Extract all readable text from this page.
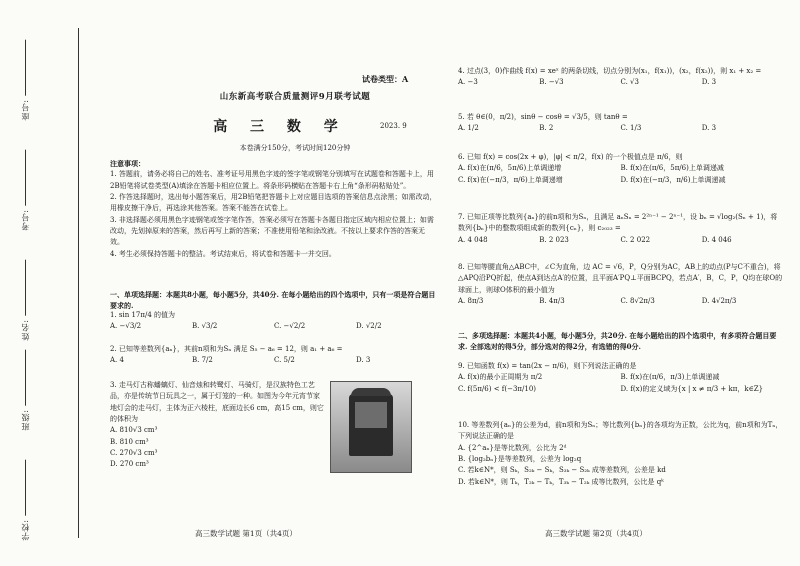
座号:
考号:
姓名:
班级:
学校:
试卷类型：A
山东新高考联合质量测评9月联考试题
高 三 数 学	2023. 9
本卷满分150分，考试时间120分钟
注意事项：
1. 答题前，请务必将自己的姓名、准考证号用黑色字迹的签字笔或钢笔分别填写在试题卷和答题卡上，用2B铅笔将试卷类型(A)填涂在答题卡相应位置上。将条形码横贴在答题卡右上角“条形码粘贴处”。
2. 作答选择题时，选出每小题答案后，用2B铅笔把答题卡上对应题目选项的答案信息点涂黑；如需改动，用橡皮擦干净后，再选涂其他答案。答案不能答在试卷上。
3. 非选择题必须用黑色字迹钢笔或签字笔作答，答案必须写在答题卡各题目指定区域内相应位置上；如需改动，先划掉原来的答案，然后再写上新的答案；不准使用铅笔和涂改液。不按以上要求作答的答案无效。
4. 考生必须保持答题卡的整洁。考试结束后，将试卷和答题卡一并交回。
一、单项选择题：本题共8小题，每小题5分，共40分. 在每小题给出的四个选项中，只有一项是符合题目要求的.
1. sin 17π/4 的值为
A. −√3/2	B. √3/2	C. −√2/2	D. √2/2
2. 已知等差数列{aₙ}，其前n项和为Sₙ 满足 S₅ − a₆ = 12，则 a₁ + a₆ =
A. 4	B. 7/2	C. 5/2	D. 3
3. 走马灯古称蟠螭灯、仙音烛和转鹭灯、马骑灯，是汉族特色工艺品，亦是传统节日玩具之一，属于灯笼的一种。如图为今年元宵节家地灯会的走马灯，主体为正六棱柱，底面边长6 cm，高15 cm，则它的体积为
A. 810√3 cm³
B. 810 cm³
C. 270√3 cm³
D. 270 cm³
高三数学试题 第1页（共4页）
4. 过点(3，0)作曲线 f(x) = xeˣ 的两条切线，切点分别为(x₁，f(x₁))，(x₂，f(x₂))，则 x₁ + x₂ =
A. −3	B. −√3	C. √3	D. 3
5. 若 θ∈(0，π/2)，sinθ − cosθ = √3/5，则 tanθ =
A. 1/2	B. 2	C. 1/3	D. 3
6. 已知 f(x) = cos(2x + φ)，|φ| < π/2，f(x) 的一个极值点是 π/6，则
A. f(x)在(π/6，5π/6)上单调递增	B. f(x)在(π/6，5π/6)上单调递减
C. f(x)在(−π/3，π/6)上单调递增	D. f(x)在(−π/3，π/6)上单调递减
7. 已知正项等比数列{aₙ}的前n项和为Sₙ，且满足 aₙSₙ = 2²ⁿ⁻¹ − 2ⁿ⁻¹，设 bₙ = √log₂(Sₙ + 1)，将数列{bₙ}中的整数项组成新的数列{cₙ}，则 c₂₀₂₃ =
A. 4 048	B. 2 023	C. 2 022	D. 4 046
8. 已知等腰直角△ABC中，∠C为直角，边 AC = √6，P，Q分别为AC，AB上的动点(P与C不重合)，将△APQ沿PQ折起，使点A到达点A′的位置，且平面A′PQ⊥平面BCPQ，若点A′，B，C，P，Q均在球O的球面上，则球O体积的最小值为
A. 8π/3	B. 4π/3	C. 8√2π/3	D. 4√2π/3
二、多项选择题：本题共4小题，每小题5分，共20分. 在每小题给出的四个选项中，有多项符合题目要求. 全部选对的得5分，部分选对的得2分，有选错的得0分.
9. 已知函数 f(x) = tan(2x − π/6)，则下列说法正确的是
A. f(x)的最小正周期为 π/2	B. f(x)在(π/6，π/3)上单调递减
C. f(5π/6) < f(−3π/10)	D. f(x)的定义域为{x | x ≠ π/3 + kπ，k∈Z}
10. 等差数列{aₙ}的公差为d，前n项和为Sₙ；等比数列{bₙ}的各项均为正数，公比为q，前n项和为Tₙ，下列说法正确的是
A. {2^aₙ}是等比数列，公比为 2ᵈ
B. {log₂bₙ}是等差数列，公差为 log₂q
C. 若k∈N*，则 Sₖ，S₂ₖ − Sₖ，S₃ₖ − S₂ₖ 成等差数列，公差是 kd
D. 若k∈N*，则 Tₖ，T₂ₖ − Tₖ，T₃ₖ − T₂ₖ 成等比数列，公比是 qᵏ
高三数学试题 第2页（共4页）
